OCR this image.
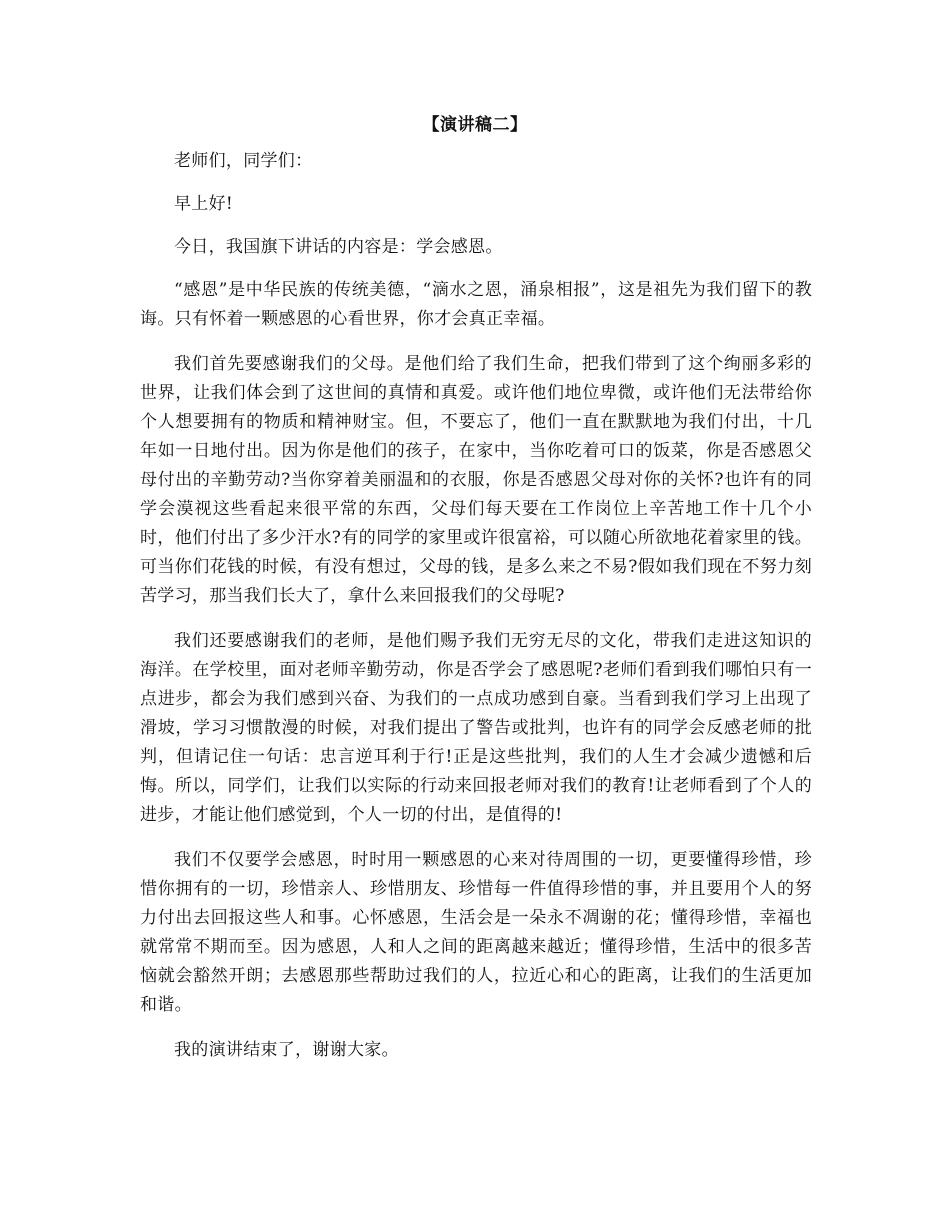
【演讲稿二】

老师们，同学们：

早上好!

今日，我国旗下讲话的内容是：学会感恩。

“感恩”是中华民族的传统美德，“滴水之恩，涌泉相报”，这是祖先为我们留下的教诲。只有怀着一颗感恩的心看世界，你才会真正幸福。

我们首先要感谢我们的父母。是他们给了我们生命，把我们带到了这个绚丽多彩的世界，让我们体会到了这世间的真情和真爱。或许他们地位卑微，或许他们无法带给你个人想要拥有的物质和精神财宝。但，不要忘了，他们一直在默默地为我们付出，十几年如一日地付出。因为你是他们的孩子，在家中，当你吃着可口的饭菜，你是否感恩父母付出的辛勤劳动?当你穿着美丽温和的衣服，你是否感恩父母对你的关怀?也许有的同学会漠视这些看起来很平常的东西，父母们每天要在工作岗位上辛苦地工作十几个小时，他们付出了多少汗水?有的同学的家里或许很富裕，可以随心所欲地花着家里的钱。可当你们花钱的时候，有没有想过，父母的钱，是多么来之不易?假如我们现在不努力刻苦学习，那当我们长大了，拿什么来回报我们的父母呢?

我们还要感谢我们的老师，是他们赐予我们无穷无尽的文化，带我们走进这知识的海洋。在学校里，面对老师辛勤劳动，你是否学会了感恩呢?老师们看到我们哪怕只有一点进步，都会为我们感到兴奋、为我们的一点成功感到自豪。当看到我们学习上出现了滑坡，学习习惯散漫的时候，对我们提出了警告或批判，也许有的同学会反感老师的批判，但请记住一句话：忠言逆耳利于行!正是这些批判，我们的人生才会减少遗憾和后悔。所以，同学们，让我们以实际的行动来回报老师对我们的教育!让老师看到了个人的进步，才能让他们感觉到，个人一切的付出，是值得的!

我们不仅要学会感恩，时时用一颗感恩的心来对待周围的一切，更要懂得珍惜，珍惜你拥有的一切，珍惜亲人、珍惜朋友、珍惜每一件值得珍惜的事，并且要用个人的努力付出去回报这些人和事。心怀感恩，生活会是一朵永不凋谢的花；懂得珍惜，幸福也就常常不期而至。因为感恩，人和人之间的距离越来越近；懂得珍惜，生活中的很多苦恼就会豁然开朗；去感恩那些帮助过我们的人，拉近心和心的距离，让我们的生活更加和谐。

我的演讲结束了，谢谢大家。
